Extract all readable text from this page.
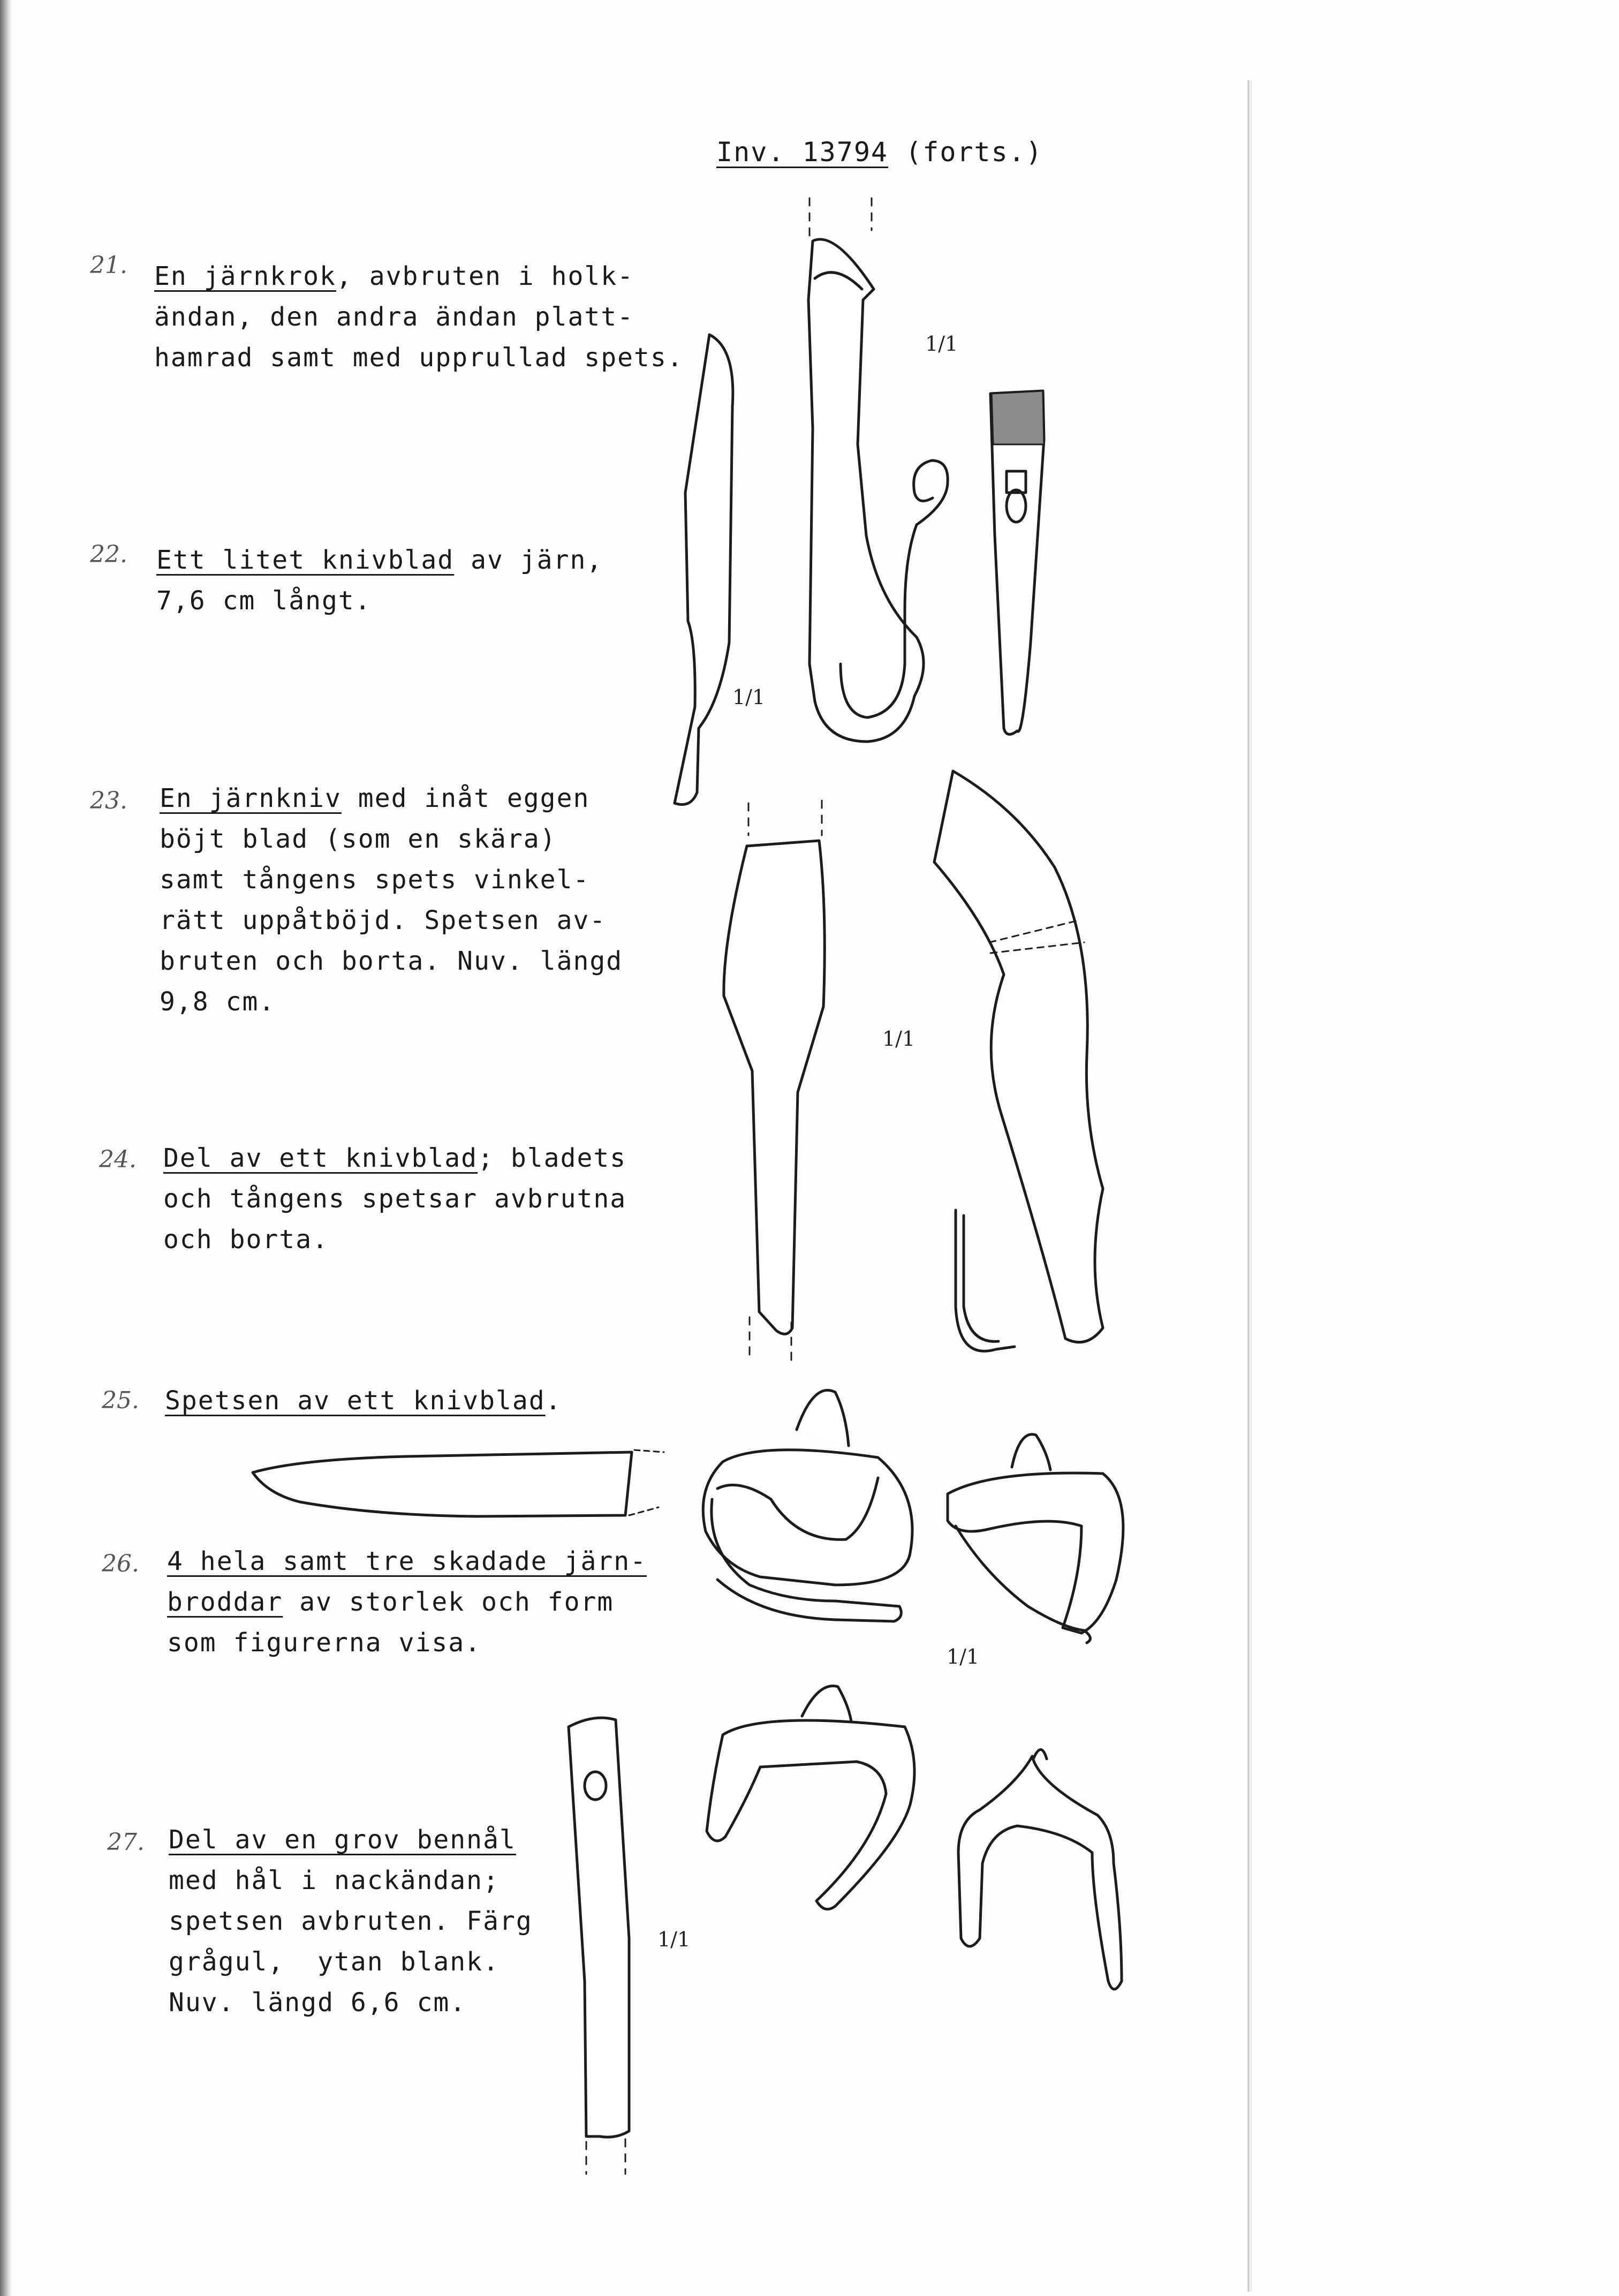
Inv. 13794 (forts.)
21.
22.
23.
24.
25.
26.
27.
En järnkrok, avbruten i holk-
ändan, den andra ändan platt-
hamrad samt med upprullad spets.
Ett litet knivblad av järn,
7,6 cm långt.
En järnkniv med inåt eggen
böjt blad (som en skära)
samt tångens spets vinkel-
rätt uppåtböjd. Spetsen av-
bruten och borta. Nuv. längd
9,8 cm.
Del av ett knivblad; bladets
och tångens spetsar avbrutna
och borta.
Spetsen av ett knivblad.
4 hela samt tre skadade järn-
broddar av storlek och form
som figurerna visa.
Del av en grov bennål
med hål i nackändan;
spetsen avbruten. Färg
grågul,  ytan blank.
Nuv. längd 6,6 cm.
1/1
1/1
1/1
1/1
1/1
